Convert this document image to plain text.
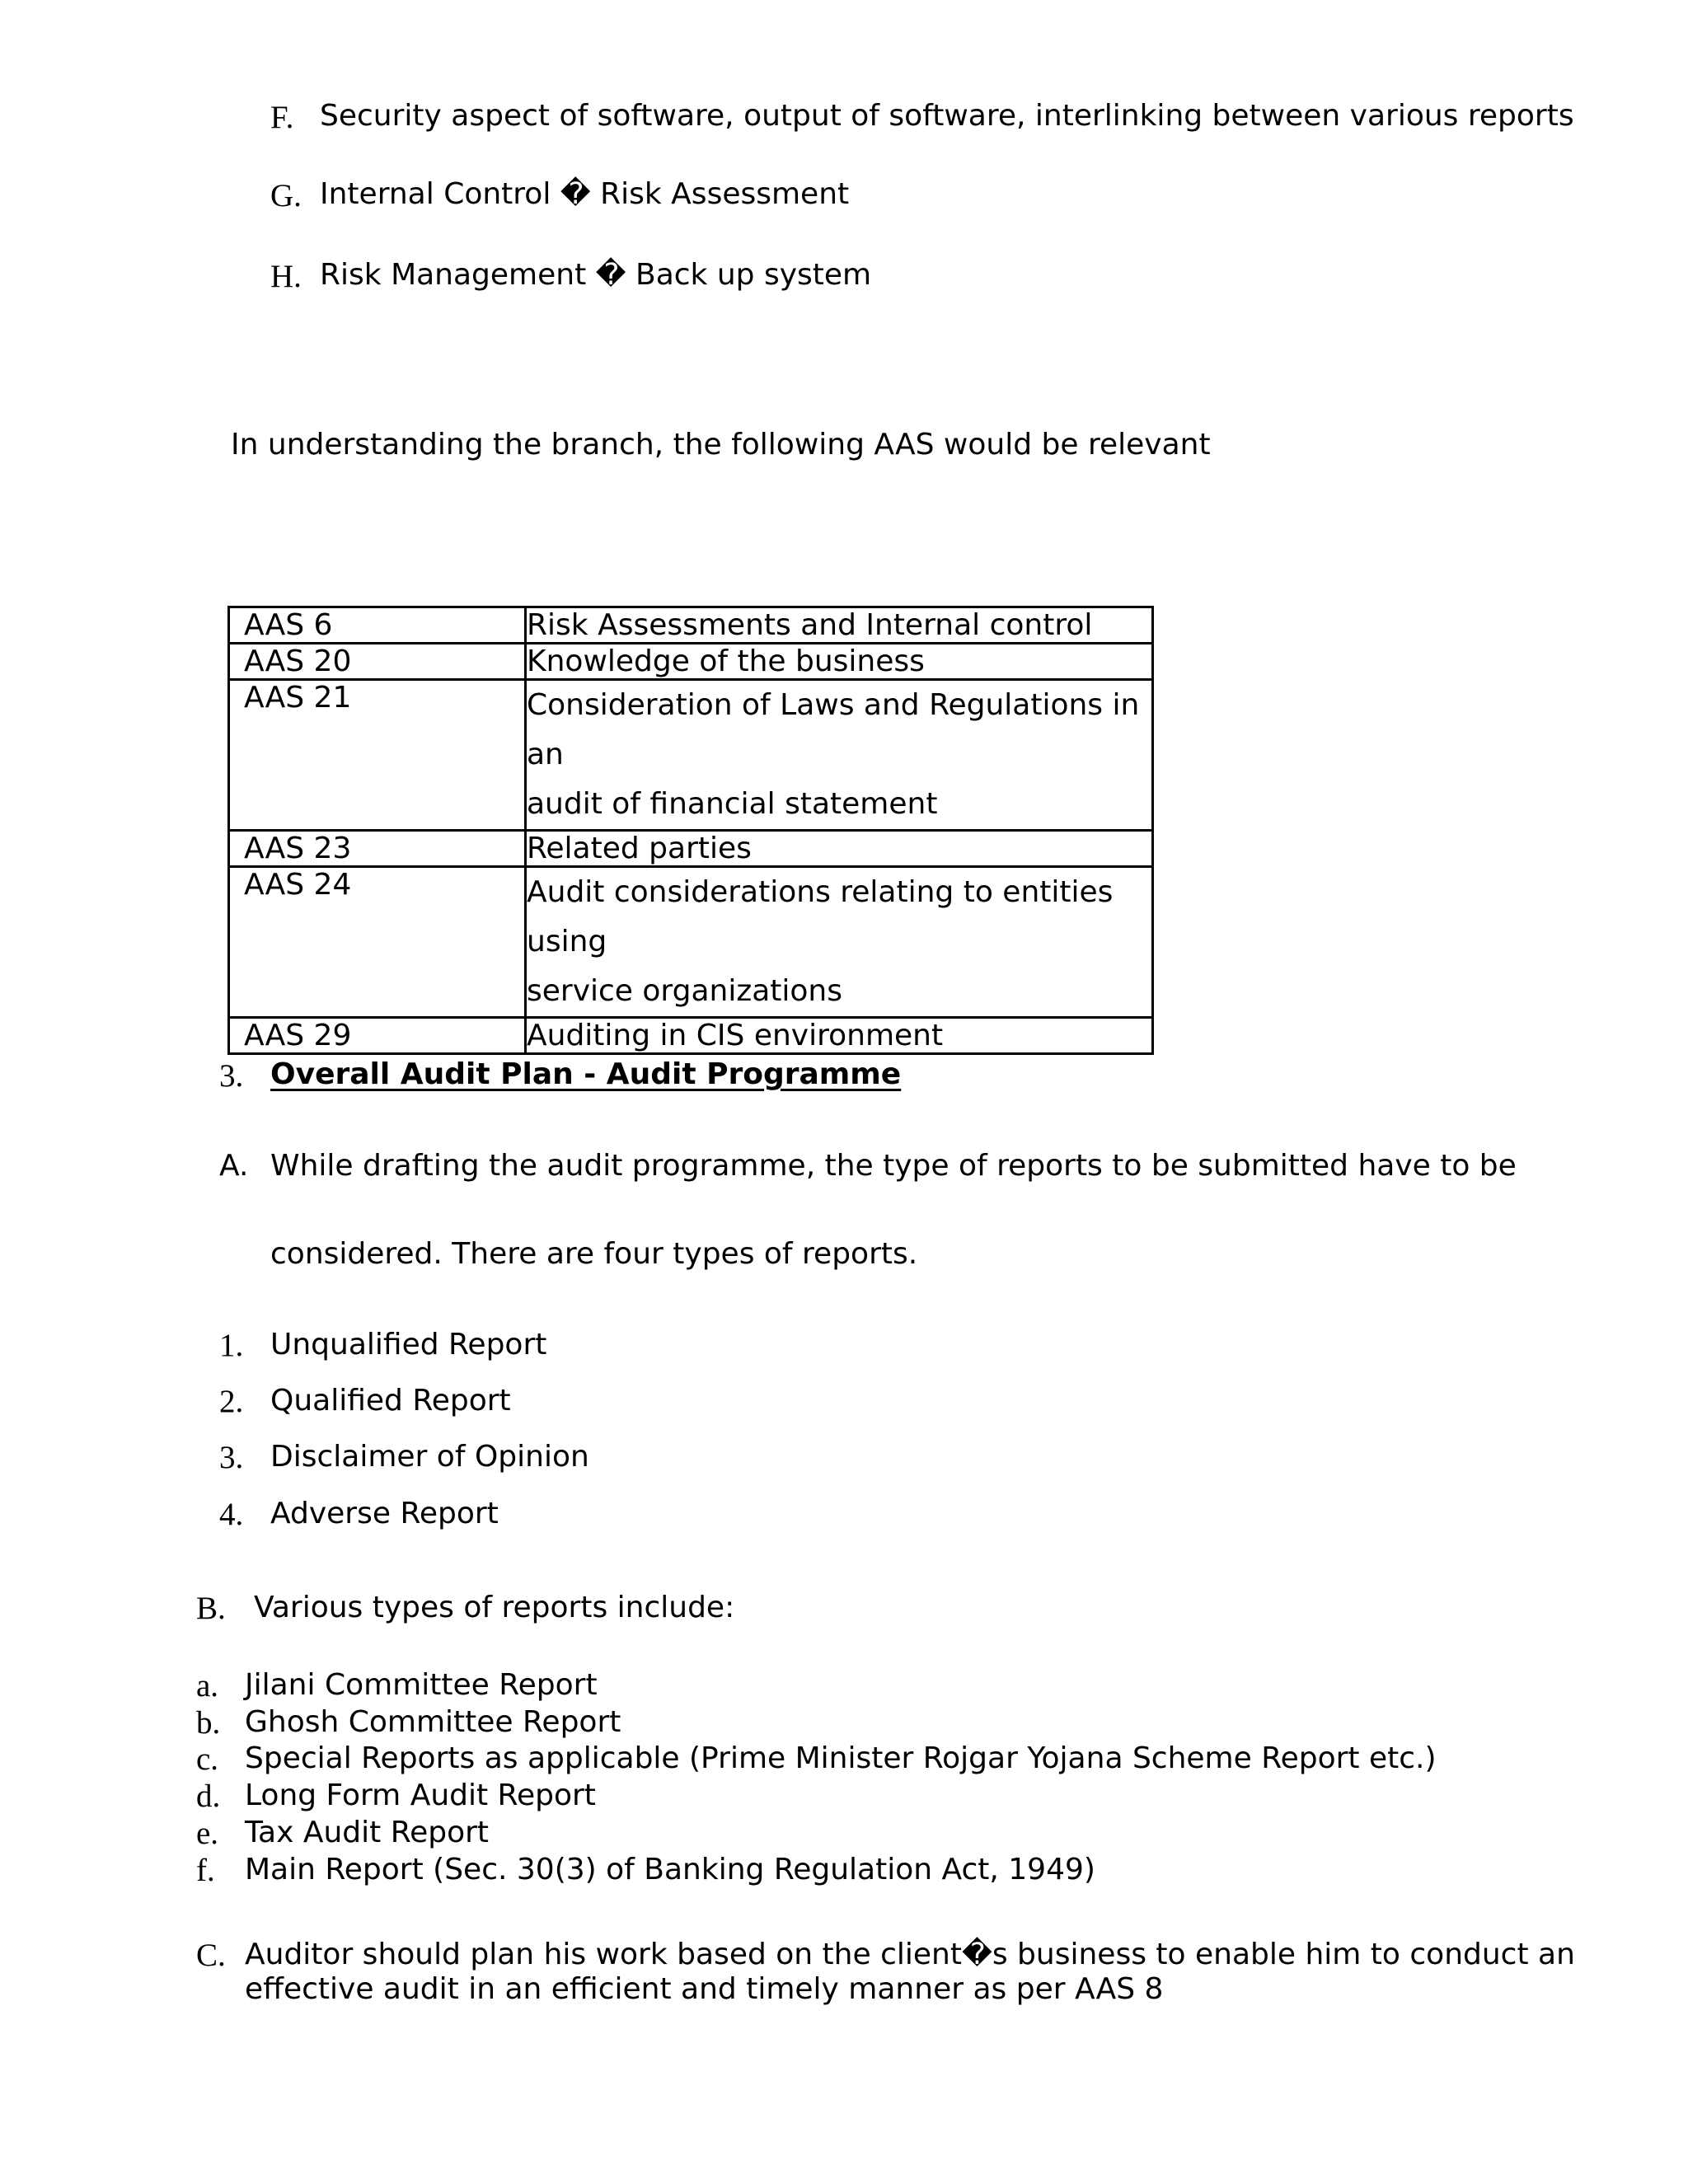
F. Security aspect of software, output of software, interlinking between various reports
G. Internal Control � Risk Assessment
H. Risk Management � Back up system
In understanding the branch, the following AAS would be relevant
AAS 6	Risk Assessments and Internal control

AAS 20	Knowledge of the business

AAS 21	Consideration of Laws and Regulations in an
audit of financial statement

AAS 23	Related parties

AAS 24	Audit considerations relating to entities using
service organizations

AAS 29	Auditing in CIS environment
3. Overall Audit Plan - Audit Programme
A. While drafting the audit programme, the type of reports to be submitted have to be
considered. There are four types of reports.
1. Unqualified Report
2. Qualified Report
3. Disclaimer of Opinion
4. Adverse Report
B. Various types of reports include:
a. Jilani Committee Report
b. Ghosh Committee Report
c. Special Reports as applicable (Prime Minister Rojgar Yojana Scheme Report etc.)
d. Long Form Audit Report
e. Tax Audit Report
f. Main Report (Sec. 30(3) of Banking Regulation Act, 1949)
C. Auditor should plan his work based on the client�s business to enable him to conduct an
effective audit in an efficient and timely manner as per AAS 8
